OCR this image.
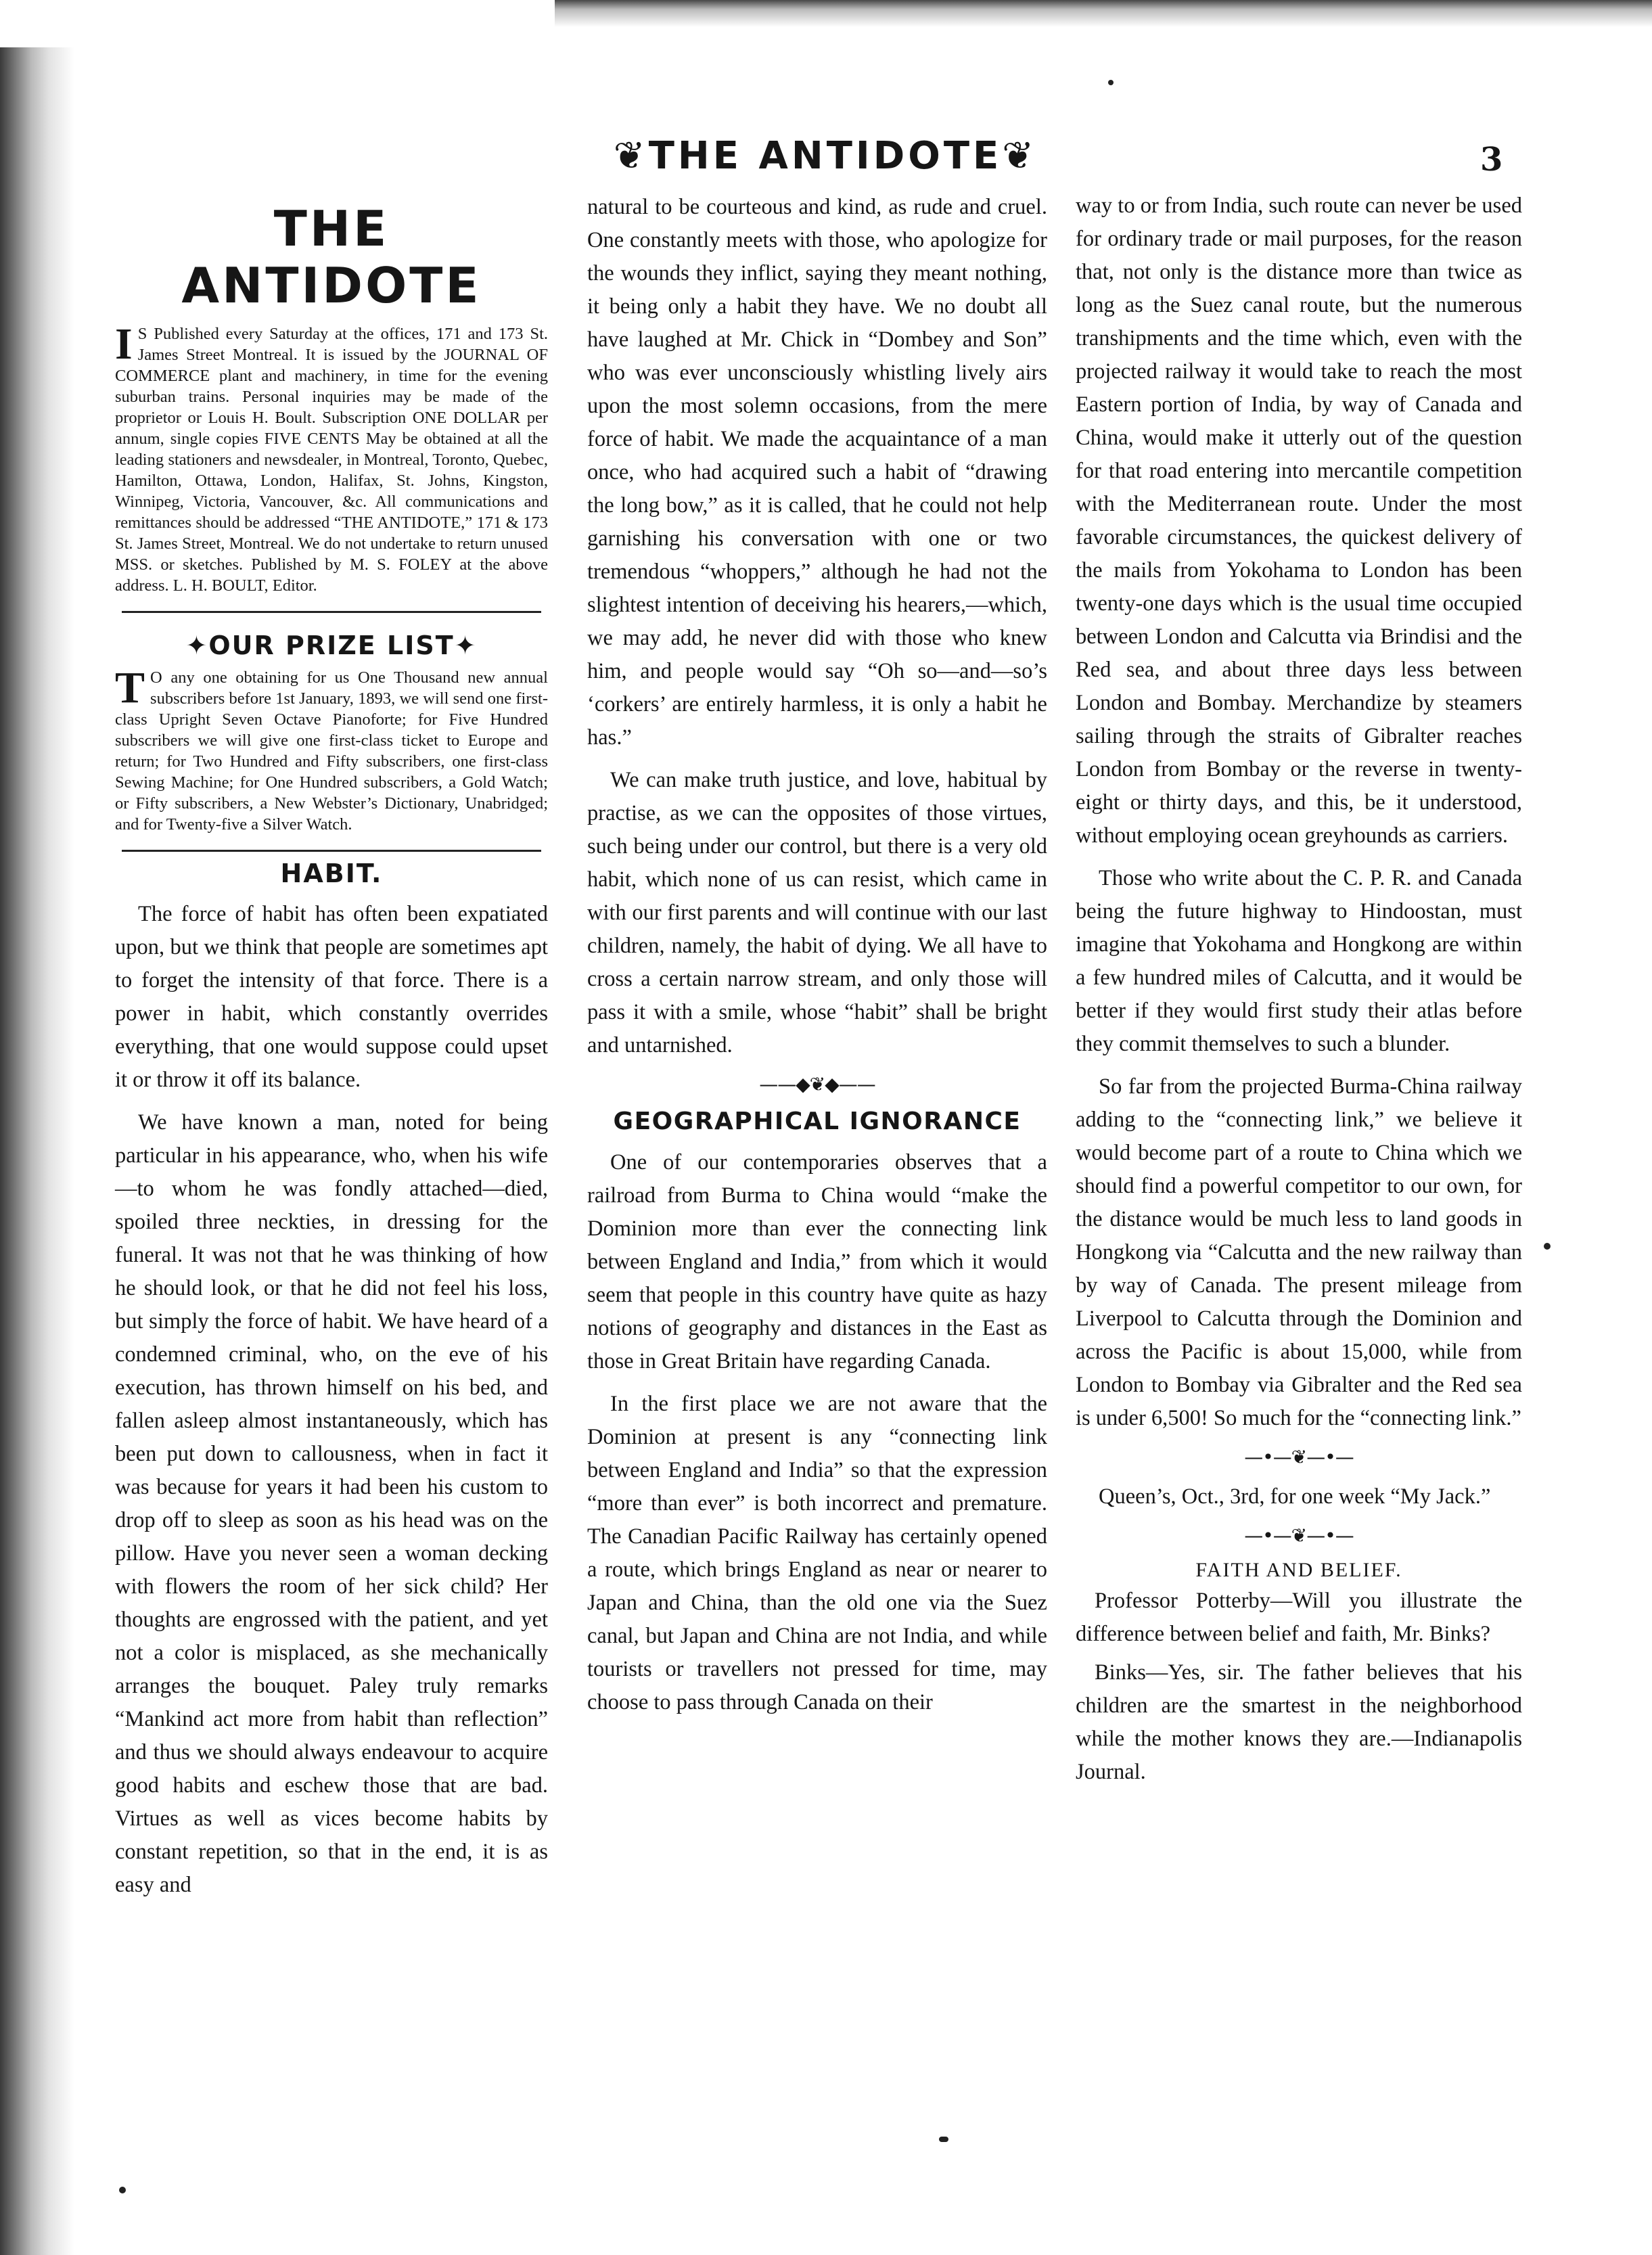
❦THE ANTIDOTE❦	3
THE ANTIDOTE

I S Published every Saturday at the offices, 171 and 173 St. James Street Montreal. It is issued by the JOURNAL OF COMMERCE plant and machinery, in time for the evening suburban trains. Personal inquiries may be made of the proprietor or Louis H. Boult. Subscription ONE DOLLAR per annum, single copies FIVE CENTS May be obtained at all the leading stationers and newsdealer, in Montreal, Toronto, Quebec, Hamilton, Ottawa, London, Halifax, St. Johns, Kingston, Winnipeg, Victoria, Vancouver, &c. All communications and remittances should be addressed “THE ANTIDOTE,” 171 & 173 St. James Street, Montreal. We do not undertake to return unused MSS. or sketches. Published by M. S. FOLEY at the above address. L. H. BOULT, Editor.

✦OUR PRIZE LIST✦

T O any one obtaining for us One Thousand new annual subscribers before 1st January, 1893, we will send one first-class Upright Seven Octave Pianoforte; for Five Hundred subscribers we will give one first-class ticket to Europe and return; for Two Hundred and Fifty subscribers, one first-class Sewing Machine; for One Hundred subscribers, a Gold Watch; or Fifty subscribers, a New Webster’s Dictionary, Unabridged; and for Twenty-five a Silver Watch.

HABIT.

The force of habit has often been expatiated upon, but we think that people are sometimes apt to forget the intensity of that force. There is a power in habit, which constantly overrides everything, that one would suppose could upset it or throw it off its balance.

We have known a man, noted for being particular in his appearance, who, when his wife—to whom he was fondly attached—died, spoiled three neckties, in dressing for the funeral. It was not that he was thinking of how he should look, or that he did not feel his loss, but simply the force of habit. We have heard of a condemned criminal, who, on the eve of his execution, has thrown himself on his bed, and fallen asleep almost instantaneously, which has been put down to callousness, when in fact it was because for years it had been his custom to drop off to sleep as soon as his head was on the pillow. Have you never seen a woman decking with flowers the room of her sick child? Her thoughts are engrossed with the patient, and yet not a color is misplaced, as she mechanically arranges the bouquet. Paley truly remarks “Mankind act more from habit than reflection” and thus we should always endeavour to acquire good habits and eschew those that are bad. Virtues as well as vices become habits by constant repetition, so that in the end, it is as easy and

natural to be courteous and kind, as rude and cruel. One constantly meets with those, who apologize for the wounds they inflict, saying they meant nothing, it being only a habit they have. We no doubt all have laughed at Mr. Chick in “Dombey and Son” who was ever unconsciously whistling lively airs upon the most solemn occasions, from the mere force of habit. We made the acquaintance of a man once, who had acquired such a habit of “drawing the long bow,” as it is called, that he could not help garnishing his conversation with one or two tremendous “whoppers,” although he had not the slightest intention of deceiving his hearers,—which, we may add, he never did with those who knew him, and people would say “Oh so—and—so’s ‘corkers’ are entirely harmless, it is only a habit he has.”

We can make truth justice, and love, habitual by practise, as we can the opposites of those virtues, such being under our control, but there is a very old habit, which none of us can resist, which came in with our first parents and will continue with our last children, namely, the habit of dying. We all have to cross a certain narrow stream, and only those will pass it with a smile, whose “habit” shall be bright and untarnished.

——◆❦◆——
GEOGRAPHICAL IGNORANCE

One of our contemporaries observes that a railroad from Burma to China would “make the Dominion more than ever the connecting link between England and India,” from which it would seem that people in this country have quite as hazy notions of geography and distances in the East as those in Great Britain have regarding Canada.

In the first place we are not aware that the Dominion at present is any “connecting link between England and India” so that the expression “more than ever” is both incorrect and premature. The Canadian Pacific Railway has certainly opened a route, which brings England as near or nearer to Japan and China, than the old one via the Suez canal, but Japan and China are not India, and while tourists or travellers not pressed for time, may choose to pass through Canada on their

way to or from India, such route can never be used for ordinary trade or mail purposes, for the reason that, not only is the distance more than twice as long as the Suez canal route, but the numerous transhipments and the time which, even with the projected railway it would take to reach the most Eastern portion of India, by way of Canada and China, would make it utterly out of the question for that road entering into mercantile competition with the Mediterranean route. Under the most favorable circumstances, the quickest delivery of the mails from Yokohama to London has been twenty-one days which is the usual time occupied between London and Calcutta via Brindisi and the Red sea, and about three days less between London and Bombay. Merchandize by steamers sailing through the straits of Gibralter reaches London from Bombay or the reverse in twenty-eight or thirty days, and this, be it understood, without employing ocean greyhounds as carriers.

Those who write about the C. P. R. and Canada being the future highway to Hindoostan, must imagine that Yokohama and Hongkong are within a few hundred miles of Calcutta, and it would be better if they would first study their atlas before they commit themselves to such a blunder.

So far from the projected Burma-China railway adding to the “connecting link,” we believe it would become part of a route to China which we should find a powerful competitor to our own, for the distance would be much less to land goods in Hongkong via “Calcutta and the new railway than by way of Canada. The present mileage from Liverpool to Calcutta through the Dominion and across the Pacific is about 15,000, while from London to Bombay via Gibralter and the Red sea is under 6,500! So much for the “connecting link.”

—•—❦—•—

Queen’s, Oct., 3rd, for one week “My Jack.”

—•—❦—•—
FAITH AND BELIEF.

Professor Potterby—Will you illustrate the difference between belief and faith, Mr. Binks?

Binks—Yes, sir. The father believes that his children are the smartest in the neighborhood while the mother knows they are.—Indianapolis Journal.
